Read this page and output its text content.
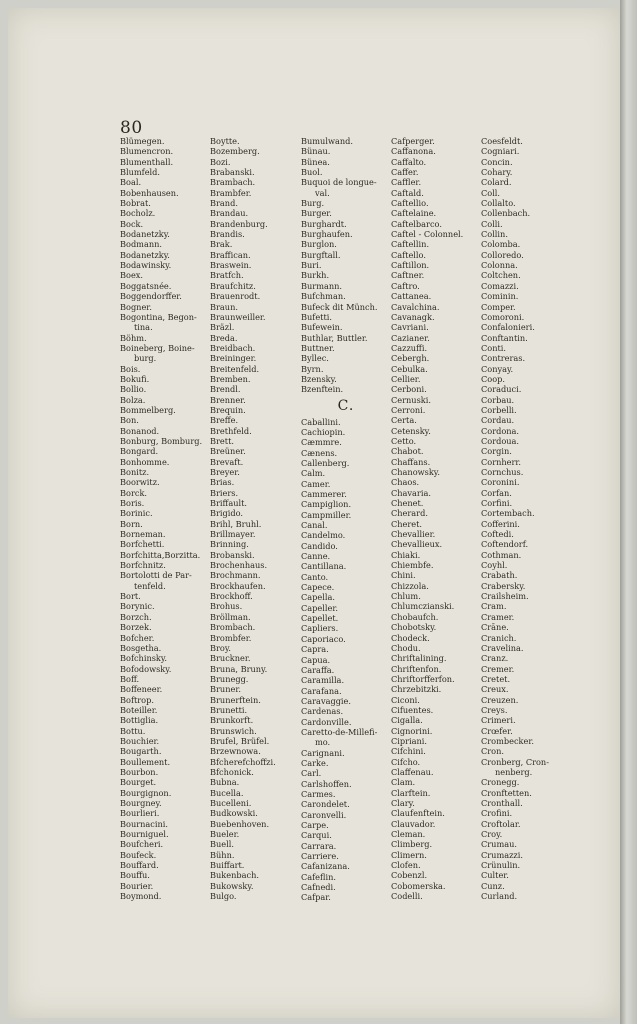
80
Blümegen.
Blumencron.
Blumenthall.
Blumfeld.
Boal.
Bobenhausen.
Bobrat.
Bocholz.
Bock.
Bodanetzky.
Bodmann.
Bodanetzky.
Bodawinsky.
Boex.
Boggatsnée.
Boggendorffer.
Bogner.
Bogontina, Begon-
tina.
Böhm.
Boineberg, Boine-
burg.
Bois.
Bokufi.
Bollio.
Bolza.
Bommelberg.
Bon.
Bonanod.
Bonburg, Bomburg.
Bongard.
Bonhomme.
Bonitz.
Boorwitz.
Borck.
Boris.
Borinic.
Born.
Borneman.
Borfchetti.
Borfchitta,Borzitta.
Borfchnitz.
Bortolotti de Par-
tenfeld.
Bort.
Borynic.
Borzch.
Borzek.
Bofcher.
Bosgetha.
Bofchinsky.
Bofodowsky.
Boff.
Boffeneer.
Boftrop.
Boteiller.
Bottiglia.
Bottu.
Bouchier.
Bougarth.
Boullement.
Bourbon.
Bourget.
Bourgignon.
Bourgney.
Bourlieri.
Bournacini.
Bourniguel.
Boufcheri.
Boufeck.
Bouffard.
Bouffu.
Bourier.
Boymond.
Boytte.
Bozemberg.
Bozi.
Brabanski.
Brambach.
Brambfer.
Brand.
Brandau.
Brandenburg.
Brandis.
Brak.
Braffican.
Braswein.
Bratfch.
Braufchitz.
Brauenrodt.
Braun.
Braunweiller.
Bräzl.
Breda.
Breidbach.
Breininger.
Breitenfeld.
Bremben.
Brendl.
Brenner.
Brequin.
Breffe.
Brethfeld.
Brett.
Breüner.
Brevaft.
Breyer.
Brias.
Briers.
Briffault.
Brigido.
Brihl, Bruhl.
Brillmayer.
Brinning.
Brobanski.
Brochenhaus.
Brochmann.
Brockhaufen.
Brockhoff.
Brohus.
Bröllman.
Brombach.
Brombfer.
Broy.
Bruckner.
Bruna, Bruny.
Brunegg.
Bruner.
Brunerftein.
Brunetti.
Brunkorft.
Brunswich.
Brufel, Brüfel.
Brzewnowa.
Bfcherefchoffzi.
Bfchonick.
Bubna.
Bucella.
Bucelleni.
Budkowski.
Buebenhoven.
Bueler.
Buell.
Bühn.
Buiffart.
Bukenbach.
Bukowsky.
Bulgo.
Bumulwand.
Bünau.
Bünea.
Buol.
Buquoi de longue-
val.
Burg.
Burger.
Burghardt.
Burghaufen.
Burglon.
Burgftall.
Buri.
Burkh.
Burmann.
Bufchman.
Bufeck dit Münch.
Bufetti.
Bufewein.
Buthlar, Buttler.
Buttner.
Byllec.
Byrn.
Bzensky.
Bzenftein.
C.
Caballini.
Cachiopin.
Cæmmre.
Cænens.
Callenberg.
Calm.
Camer.
Cammerer.
Campiglion.
Campmiller.
Canal.
Candelmo.
Candido.
Canne.
Cantillana.
Canto.
Capece.
Capella.
Capeller.
Capellet.
Capliers.
Caporiaco.
Capra.
Capua.
Caraffa.
Caramilla.
Carafana.
Caravaggie.
Cardenas.
Cardonville.
Caretto-de-Millefi-
mo.
Carignani.
Carke.
Carl.
Carlshoffen.
Carmes.
Carondelet.
Caronvelli.
Carpe.
Carqui.
Carrara.
Carriere.
Cafanizana.
Cafeflin.
Cafnedi.
Cafpar.
Cafperger.
Caffanona.
Caffalto.
Caffer.
Caffler.
Caftald.
Caftellio.
Caftelaine.
Caftelbarco.
Caftel - Colonnel.
Caftellin.
Caftello.
Caftillon.
Caftner.
Caftro.
Cattanea.
Cavalchina.
Cavanagk.
Cavriani.
Cazianer.
Cazzuffi.
Cebergh.
Cebulka.
Cellier.
Cerboni.
Cernuski.
Cerroni.
Certa.
Cetensky.
Cetto.
Chabot.
Chaffans.
Chanowsky.
Chaos.
Chavaria.
Chenet.
Cherard.
Cheret.
Chevallier.
Chevallieux.
Chiaki.
Chiembfe.
Chini.
Chizzola.
Chlum.
Chlumczianski.
Chobaufch.
Chobotsky.
Chodeck.
Chodu.
Chriftalining.
Chriftenfon.
Chriftorfferfon.
Chrzebitzki.
Ciconi.
Cifuentes.
Cigalla.
Cignorini.
Cipriani.
Cifchini.
Cifcho.
Claffenau.
Clam.
Clarftein.
Clary.
Claufenftein.
Clauvador.
Cleman.
Climberg.
Climern.
Clofen.
Cobenzl.
Cobomerska.
Codelli.
Coesfeldt.
Cogniari.
Concin.
Cohary.
Colard.
Coll.
Collalto.
Collenbach.
Colli.
Collin.
Colomba.
Colloredo.
Colonna.
Coltchen.
Comazzi.
Cominin.
Comper.
Comoroni.
Confalonieri.
Conftantin.
Conti.
Contreras.
Conyay.
Coop.
Coraduci.
Corbau.
Corbelli.
Cordau.
Cordona.
Cordoua.
Corgin.
Cornherr.
Cornchus.
Coronini.
Corfan.
Corfini.
Cortembach.
Cofferini.
Coftedi.
Coftendorf.
Cothman.
Coyhl.
Crabath.
Crabersky.
Crailsheim.
Cram.
Cramer.
Crāne.
Cranich.
Cravelina.
Cranz.
Cremer.
Cretet.
Creux.
Creuzen.
Creys.
Crimeri.
Crœfer.
Crombecker.
Cron.
Cronberg, Cron-
nenberg.
Cronegg.
Cronftetten.
Cronthall.
Crofini.
Croftolar.
Croy.
Crumau.
Crumazzi.
Crünulin.
Culter.
Cunz.
Curland.
